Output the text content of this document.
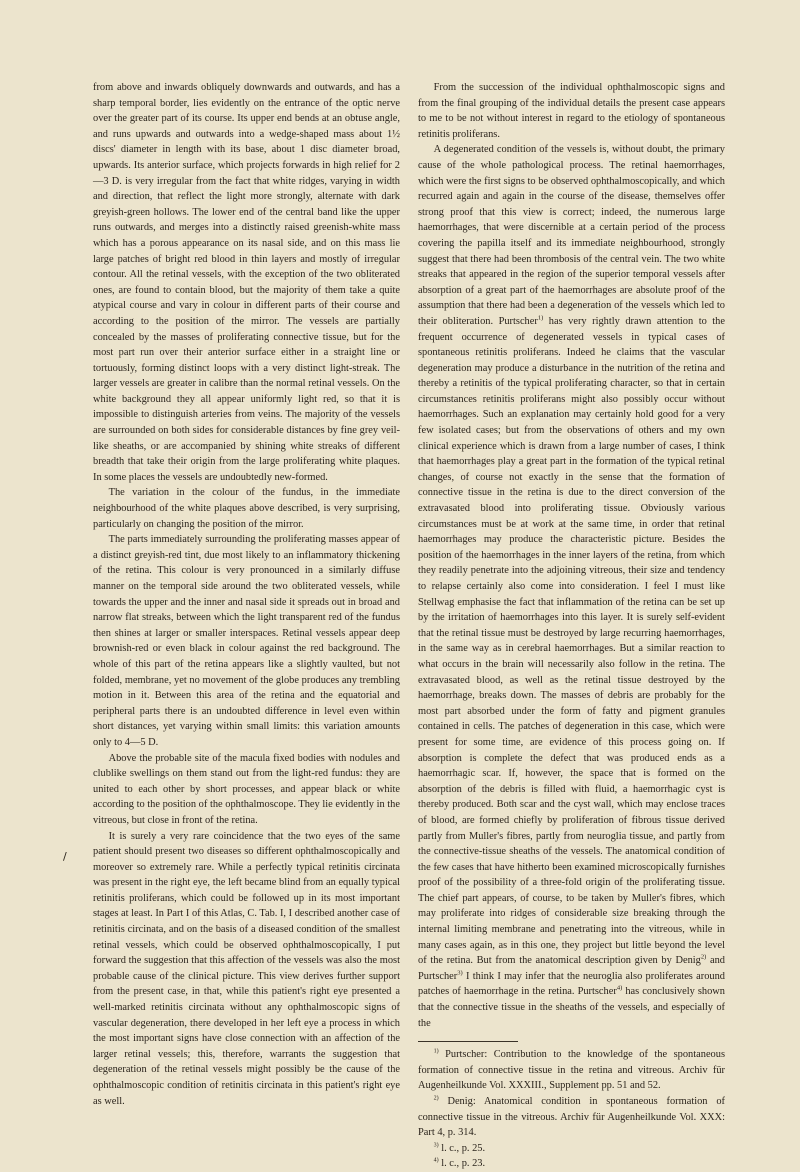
from above and inwards obliquely downwards and outwards, and has a sharp temporal border, lies evidently on the entrance of the optic nerve over the greater part of its course. Its upper end bends at an obtuse angle, and runs upwards and outwards into a wedge-shaped mass about 1½ discs' diameter in length with its base, about 1 disc diameter broad, upwards. Its anterior surface, which projects forwards in high relief for 2—3 D. is very irregular from the fact that white ridges, varying in width and direction, that reflect the light more strongly, alternate with dark greyish-green hollows. The lower end of the central band like the upper runs outwards, and merges into a distinctly raised greenish-white mass which has a porous appearance on its nasal side, and on this mass lie large patches of bright red blood in thin layers and mostly of irregular contour. All the retinal vessels, with the exception of the two obliterated ones, are found to contain blood, but the majority of them take a quite atypical course and vary in colour in different parts of their course and according to the position of the mirror. The vessels are partially concealed by the masses of proliferating connective tissue, but for the most part run over their anterior surface either in a straight line or tortuously, forming distinct loops with a very distinct light-streak. The larger vessels are greater in calibre than the normal retinal vessels. On the white background they all appear uniformly light red, so that it is impossible to distinguish arteries from veins. The majority of the vessels are surrounded on both sides for considerable distances by fine grey veil-like sheaths, or are accompanied by shining white streaks of different breadth that take their origin from the large proliferating white plaques. In some places the vessels are undoubtedly new-formed.

The variation in the colour of the fundus, in the immediate neighbourhood of the white plaques above described, is very surprising, particularly on changing the position of the mirror.

The parts immediately surrounding the proliferating masses appear of a distinct greyish-red tint, due most likely to an inflammatory thickening of the retina. This colour is very pronounced in a similarly diffuse manner on the temporal side around the two obliterated vessels, while towards the upper and the inner and nasal side it spreads out in broad and narrow flat streaks, between which the light transparent red of the fundus then shines at larger or smaller interspaces. Retinal vessels appear deep brownish-red or even black in colour against the red background. The whole of this part of the retina appears like a slightly vaulted, but not folded, membrane, yet no movement of the globe produces any trembling motion in it. Between this area of the retina and the equatorial and peripheral parts there is an undoubted difference in level even within short distances, yet varying within small limits: this variation amounts only to 4—5 D.

Above the probable site of the macula fixed bodies with nodules and clublike swellings on them stand out from the light-red fundus: they are united to each other by short processes, and appear black or white according to the position of the ophthalmoscope. They lie evidently in the vitreous, but close in front of the retina.

It is surely a very rare coincidence that the two eyes of the same patient should present two diseases so different ophthalmoscopically and moreover so extremely rare. While a perfectly typical retinitis circinata was present in the right eye, the left became blind from an equally typical retinitis proliferans, which could be followed up in its most important stages at least. In Part I of this Atlas, C. Tab. I, I described another case of retinitis circinata, and on the basis of a diseased condition of the smallest retinal vessels, which could be observed ophthalmoscopically, I put forward the suggestion that this affection of the vessels was also the most probable cause of the clinical picture. This view derives further support from the present case, in that, while this patient's right eye presented a well-marked retinitis circinata without any ophthalmoscopic signs of vascular degeneration, there developed in her left eye a process in which the most important signs have close connection with an affection of the larger retinal vessels; this, therefore, warrants the suggestion that degeneration of the retinal vessels might possibly be the cause of the ophthalmoscopic condition of retinitis circinata in this patient's right eye as well.

/

From the succession of the individual ophthalmoscopic signs and from the final grouping of the individual details the present case appears to me to be not without interest in regard to the etiology of spontaneous retinitis proliferans.

A degenerated condition of the vessels is, without doubt, the primary cause of the whole pathological process. The retinal haemorrhages, which were the first signs to be observed ophthalmoscopically, and which recurred again and again in the course of the disease, themselves offer strong proof that this view is correct; indeed, the numerous large haemorrhages, that were discernible at a certain period of the process covering the papilla itself and its immediate neighbourhood, strongly suggest that there had been thrombosis of the central vein. The two white streaks that appeared in the region of the superior temporal vessels after absorption of a great part of the haemorrhages are absolute proof of the assumption that there had been a degeneration of the vessels which led to their obliteration. Purtscher$^{1)}$ has very rightly drawn attention to the frequent occurrence of degenerated vessels in typical cases of spontaneous retinitis proliferans. Indeed he claims that the vascular degeneration may produce a disturbance in the nutrition of the retina and thereby a retinitis of the typical proliferating character, so that in certain circumstances retinitis proliferans might also possibly occur without haemorrhages. Such an explanation may certainly hold good for a very few isolated cases; but from the observations of others and my own clinical experience which is drawn from a large number of cases, I think that haemorrhages play a great part in the formation of the typical retinal changes, of course not exactly in the sense that the formation of connective tissue in the retina is due to the direct conversion of the extravasated blood into proliferating tissue. Obviously various circumstances must be at work at the same time, in order that retinal haemorrhages may produce the characteristic picture. Besides the position of the haemorrhages in the inner layers of the retina, from which they readily penetrate into the adjoining vitreous, their size and tendency to relapse certainly also come into consideration. I feel I must like Stellwag emphasise the fact that inflammation of the retina can be set up by the irritation of haemorrhages into this layer. It is surely self-evident that the retinal tissue must be destroyed by large recurring haemorrhages, in the same way as in cerebral haemorrhages. But a similar reaction to what occurs in the brain will necessarily also follow in the retina. The extravasated blood, as well as the retinal tissue destroyed by the haemorrhage, breaks down. The masses of debris are probably for the most part absorbed under the form of fatty and pigment granules contained in cells. The patches of degeneration in this case, which were present for some time, are evidence of this process going on. If absorption is complete the defect that was produced ends as a haemorrhagic scar. If, however, the space that is formed on the absorption of the debris is filled with fluid, a haemorrhagic cyst is thereby produced. Both scar and the cyst wall, which may enclose traces of blood, are formed chiefly by proliferation of fibrous tissue derived partly from Muller's fibres, partly from neuroglia tissue, and partly from the connective-tissue sheaths of the vessels. The anatomical condition of the few cases that have hitherto been examined microscopically furnishes proof of the possibility of a three-fold origin of the proliferating tissue. The chief part appears, of course, to be taken by Muller's fibres, which may proliferate into ridges of considerable size breaking through the internal limiting membrane and penetrating into the vitreous, while in many cases again, as in this one, they project but little beyond the level of the retina. But from the anatomical description given by Denig$^{2)}$ and Purtscher$^{3)}$ I think I may infer that the neuroglia also proliferates around patches of haemorrhage in the retina. Purtscher$^{4)}$ has conclusively shown that the connective tissue in the sheaths of the vessels, and especially of the

$^{1)}$ Purtscher: Contribution to the knowledge of the spontaneous formation of connective tissue in the retina and vitreous. Archiv für Augenheilkunde Vol. XXXIII., Supplement pp. 51 and 52.

$^{2)}$ Denig: Anatomical condition in spontaneous formation of connective tissue in the vitreous. Archiv für Augenheilkunde Vol. XXX: Part 4, p. 314.

$^{3)}$ l. c., p. 25.

$^{4)}$ l. c., p. 23.
